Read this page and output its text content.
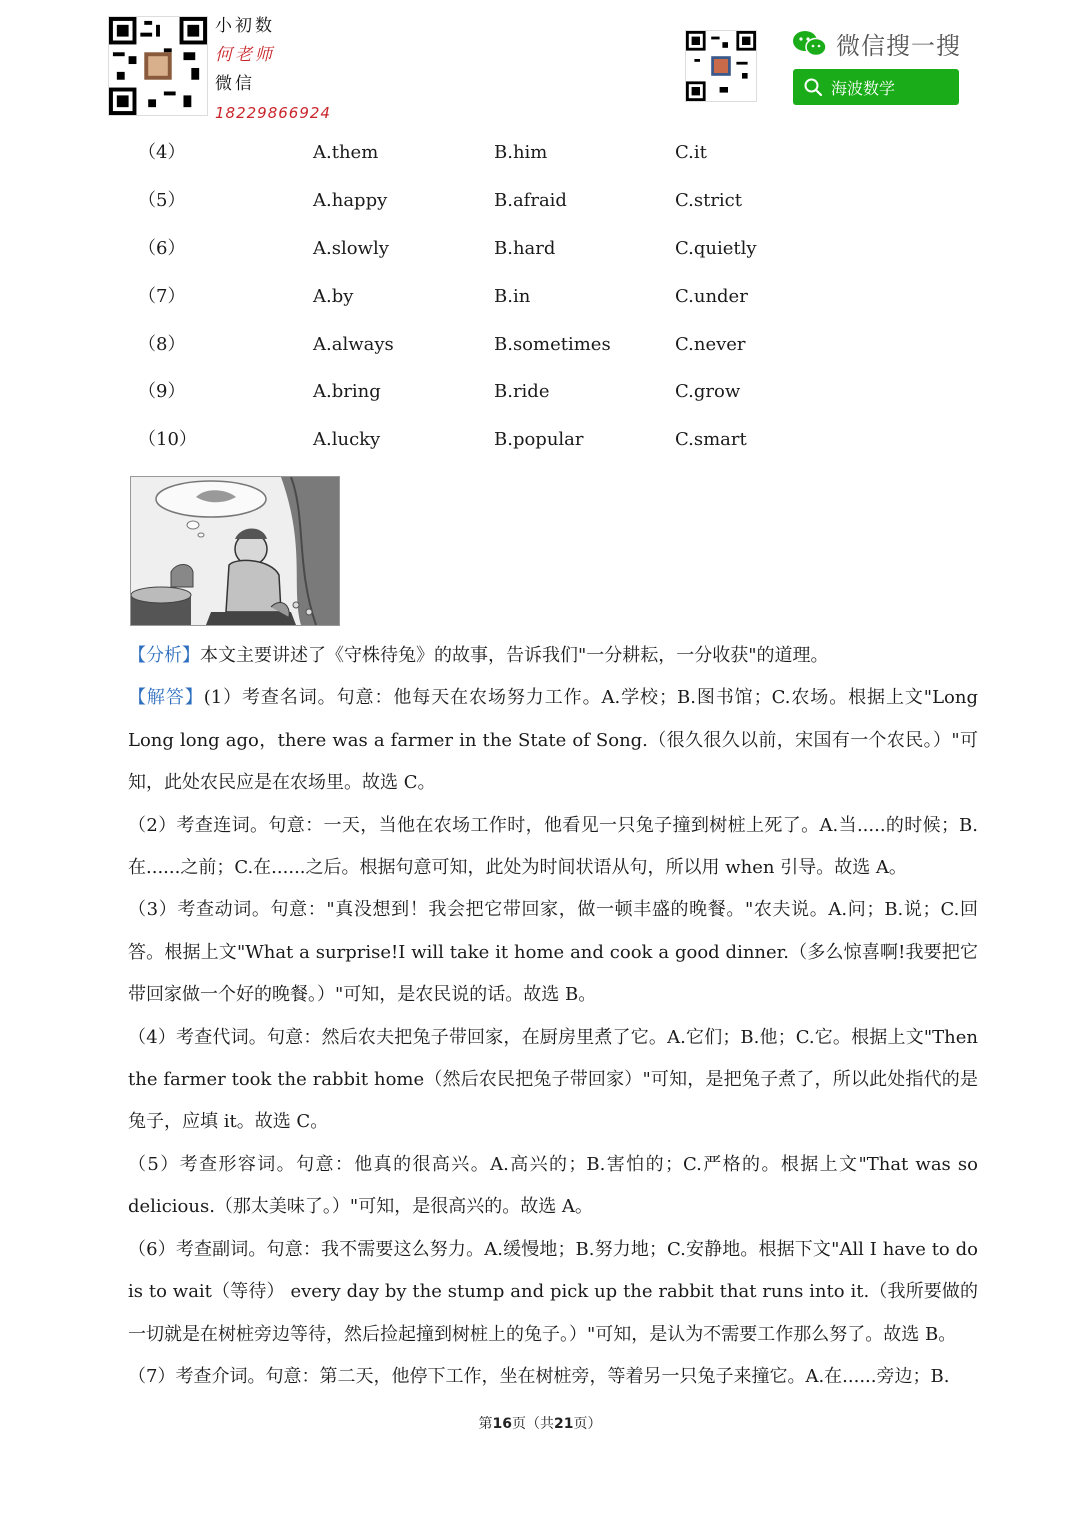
小初数
何老师
微信
18229866924
微信搜一搜
海波数学
（4）	A.them	B.him	C.it
（5）	A.happy	B.afraid	C.strict
（6）	A.slowly	B.hard	C.quietly
（7）	A.by	B.in	C.under
（8）	A.always	B.sometimes	C.never
（9）	A.bring	B.ride	C.grow
（10）	A.lucky	B.popular	C.smart

【分析】本文主要讲述了《守株待兔》的故事，告诉我们"一分耕耘，一分收获"的道理。

【解答】(1）考查名词。句意：他每天在农场努力工作。A.学校；B.图书馆；C.农场。根据上文"Long Long long ago，there was a farmer in the State of Song.（很久很久以前，宋国有一个农民。）"可知，此处农民应是在农场里。故选 C。

（2）考查连词。句意：一天，当他在农场工作时，他看见一只兔子撞到树桩上死了。A.当.....的时候；B.在......之前；C.在......之后。根据句意可知，此处为时间状语从句，所以用 when 引导。故选 A。

（3）考查动词。句意："真没想到！我会把它带回家，做一顿丰盛的晚餐。"农夫说。A.问；B.说；C.回答。根据上文"What a surprise!I will take it home and cook a good dinner.（多么惊喜啊!我要把它带回家做一个好的晚餐。）"可知，是农民说的话。故选 B。

（4）考查代词。句意：然后农夫把兔子带回家，在厨房里煮了它。A.它们；B.他；C.它。根据上文"Then the farmer took the rabbit home（然后农民把兔子带回家）"可知，是把兔子煮了，所以此处指代的是兔子，应填 it。故选 C。

（5）考查形容词。句意：他真的很高兴。A.高兴的；B.害怕的；C.严格的。根据上文"That was so delicious.（那太美味了。）"可知，是很高兴的。故选 A。

（6）考查副词。句意：我不需要这么努力。A.缓慢地；B.努力地；C.安静地。根据下文"All I have to do is to wait（等待） every day by the stump and pick up the rabbit that runs into it.（我所要做的一切就是在树桩旁边等待，然后捡起撞到树桩上的兔子。）"可知，是认为不需要工作那么努了。故选 B。

（7）考查介词。句意：第二天，他停下工作，坐在树桩旁，等着另一只兔子来撞它。A.在......旁边；B.

第16页（共21页）
